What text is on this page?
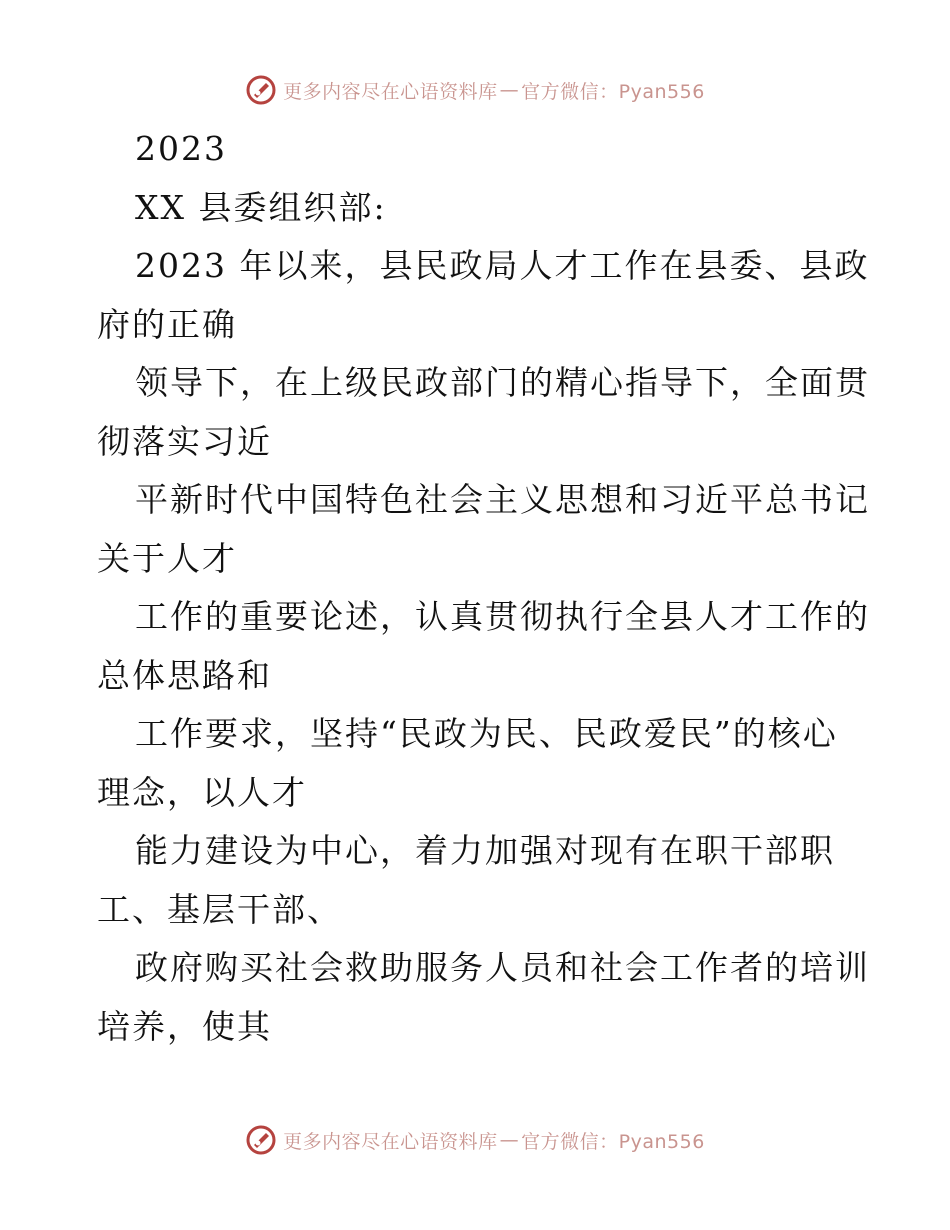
更多内容尽在心语资料库 — 官方微信：Pyan556
2023
XX 县委组织部:
2023 年以来，县民政局人才工作在县委、县政
府的正确
领导下，在上级民政部门的精心指导下，全面贯
彻落实习近
平新时代中国特色社会主义思想和习近平总书记
关于人才
工作的重要论述，认真贯彻执行全县人才工作的
总体思路和
工作要求，坚持“民政为民、民政爱民”的核心
理念，以人才
能力建设为中心，着力加强对现有在职干部职
工、基层干部、
政府购买社会救助服务人员和社会工作者的培训
培养，使其
更多内容尽在心语资料库 — 官方微信：Pyan556
